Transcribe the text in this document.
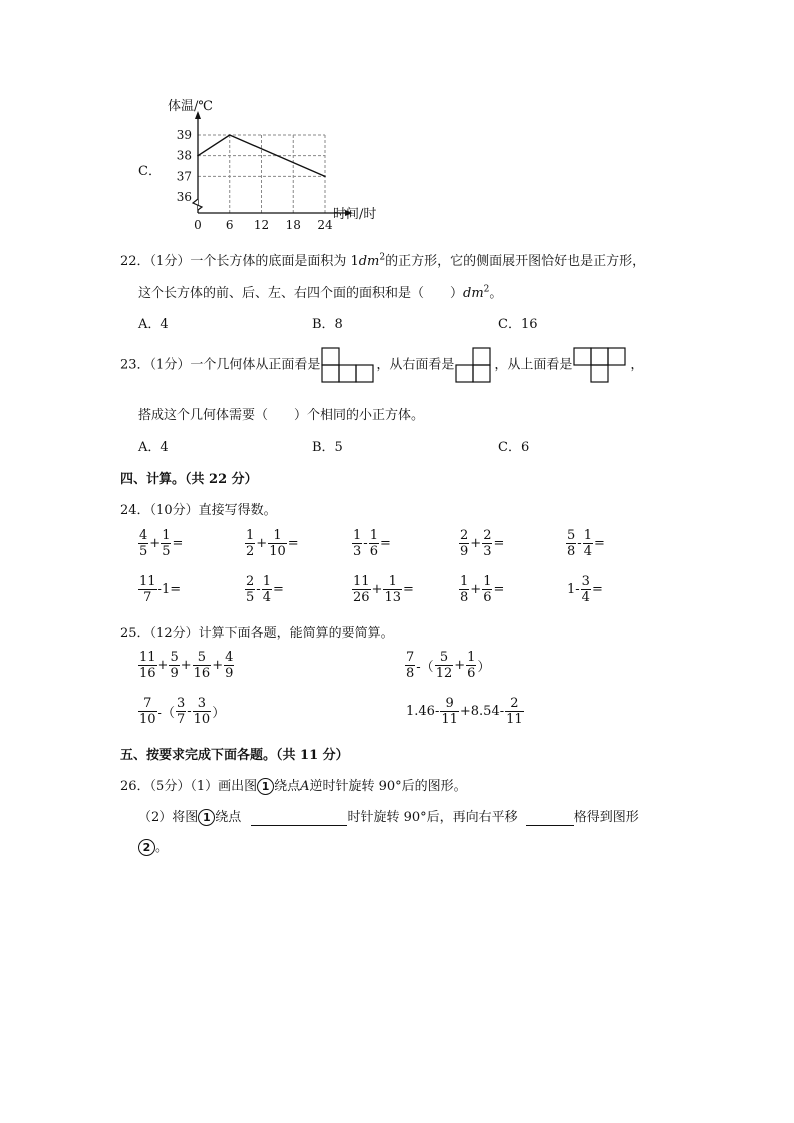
C．
0 6 12 18 24
36
37
38
39
体温/℃
时间/时
22．（1分）一个长方体的底面是面积为 $1dm^2$的正方形，它的侧面展开图恰好也是正方形，
这个长方体的前、后、左、右四个面的面积和是（　　）$dm^2$。
A．4	B．8	C．16
23．（1分）一个几何体从正面看是	，从右面看是	，从上面看是	，
搭成这个几何体需要（　　）个相同的小正方体。
A．4	B．5	C．6
四、计算。（共 22 分）
24．（10分）直接写得数。
$\frac{4}{5} + \frac{1}{5}$ =	$\frac{1}{2} + \frac{1}{10}$ =	$\frac{1}{3} - \frac{1}{6}$ =	$\frac{2}{9} + \frac{2}{3}$ =	$\frac{5}{8} - \frac{1}{4}$ =
$\frac{11}{7} -1=$	$\frac{2}{5} - \frac{1}{4}$ =	$\frac{11}{26} + \frac{1}{13}$ =	$\frac{1}{8} + \frac{1}{6}$ =	$1- \frac{3}{4}$ =
25．（12分）计算下面各题，能简算的要简算。
$\frac{11}{16} + \frac{5}{9} + \frac{5}{16} + \frac{4}{9}$	$\frac{7}{8}$ -（ $\frac{5}{12} + \frac{1}{6}$ ）
$\frac{7}{10}$ -（ $\frac{3}{7} - \frac{3}{10}$ ）	$1.46- \frac{9}{11} +8.54- \frac{2}{11}$
五、按要求完成下面各题。（共 11 分）
26．（5分）（1）画出图 1 绕点A逆时针旋转 90°后的图形。
（2）将图 1 绕点	时针旋转 90°后，再向右平移	格得到图形
2 。
